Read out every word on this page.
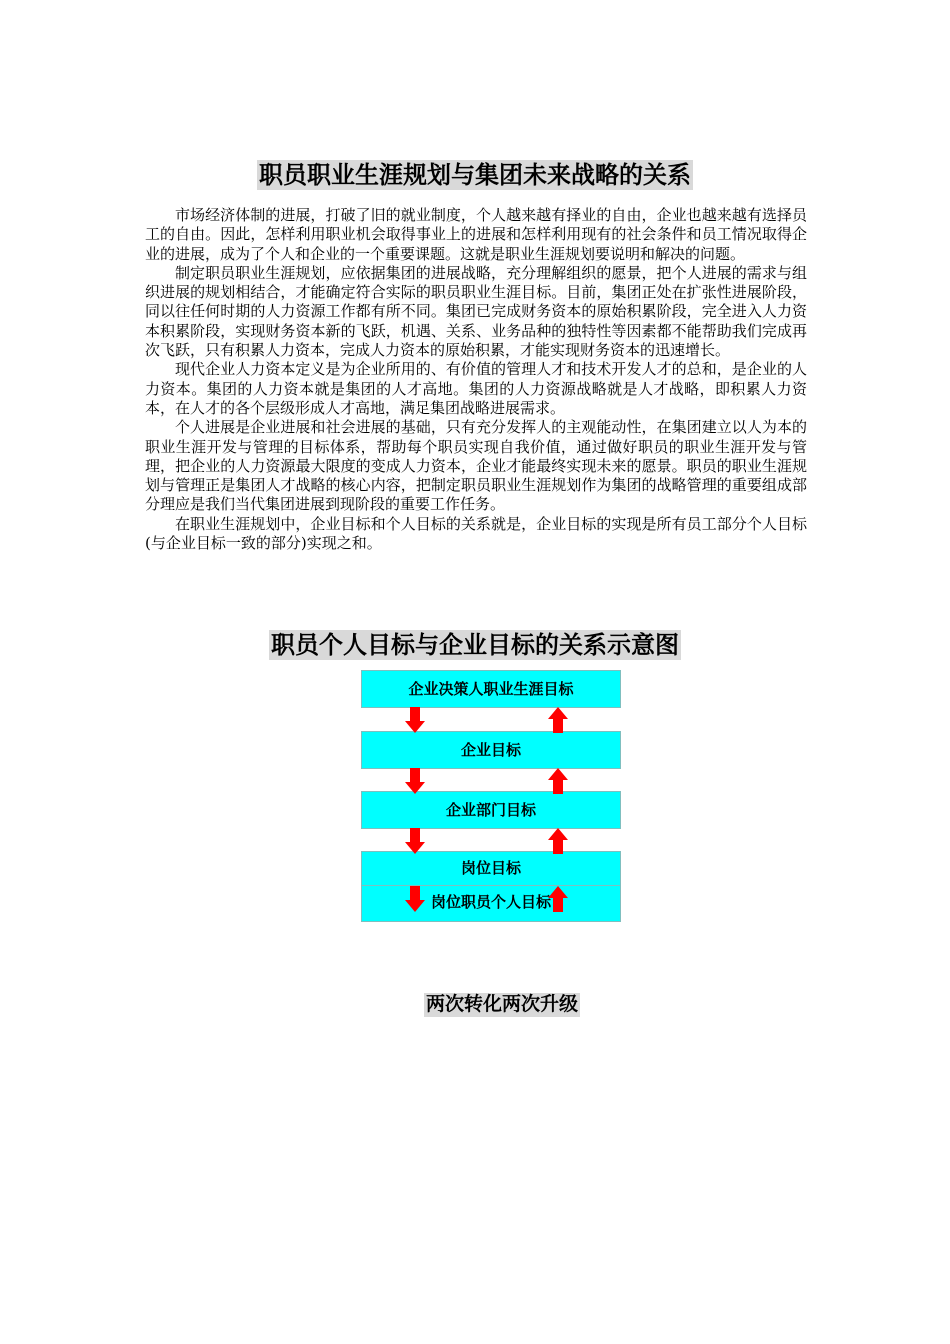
职员职业生涯规划与集团未来战略的关系

市场经济体制的进展，打破了旧的就业制度，个人越来越有择业的自由，企业也越来越有选择员工的自由。因此，怎样利用职业机会取得事业上的进展和怎样利用现有的社会条件和员工情况取得企业的进展，成为了个人和企业的一个重要课题。这就是职业生涯规划要说明和解决的问题。

制定职员职业生涯规划，应依据集团的进展战略，充分理解组织的愿景，把个人进展的需求与组织进展的规划相结合，才能确定符合实际的职员职业生涯目标。目前，集团正处在扩张性进展阶段，同以往任何时期的人力资源工作都有所不同。集团已完成财务资本的原始积累阶段，完全进入人力资本积累阶段，实现财务资本新的飞跃，机遇、关系、业务品种的独特性等因素都不能帮助我们完成再次飞跃，只有积累人力资本，完成人力资本的原始积累，才能实现财务资本的迅速增长。

现代企业人力资本定义是为企业所用的、有价值的管理人才和技术开发人才的总和，是企业的人力资本。集团的人力资本就是集团的人才高地。集团的人力资源战略就是人才战略，即积累人力资本，在人才的各个层级形成人才高地，满足集团战略进展需求。

个人进展是企业进展和社会进展的基础，只有充分发挥人的主观能动性，在集团建立以人为本的职业生涯开发与管理的目标体系，帮助每个职员实现自我价值，通过做好职员的职业生涯开发与管理，把企业的人力资源最大限度的变成人力资本，企业才能最终实现未来的愿景。职员的职业生涯规划与管理正是集团人才战略的核心内容，把制定职员职业生涯规划作为集团的战略管理的重要组成部分理应是我们当代集团进展到现阶段的重要工作任务。

在职业生涯规划中，企业目标和个人目标的关系就是，企业目标的实现是所有员工部分个人目标(与企业目标一致的部分)实现之和。

职员个人目标与企业目标的关系示意图
企业决策人职业生涯目标
企业目标
企业部门目标
岗位目标
岗位职员个人目标
两次转化两次升级
